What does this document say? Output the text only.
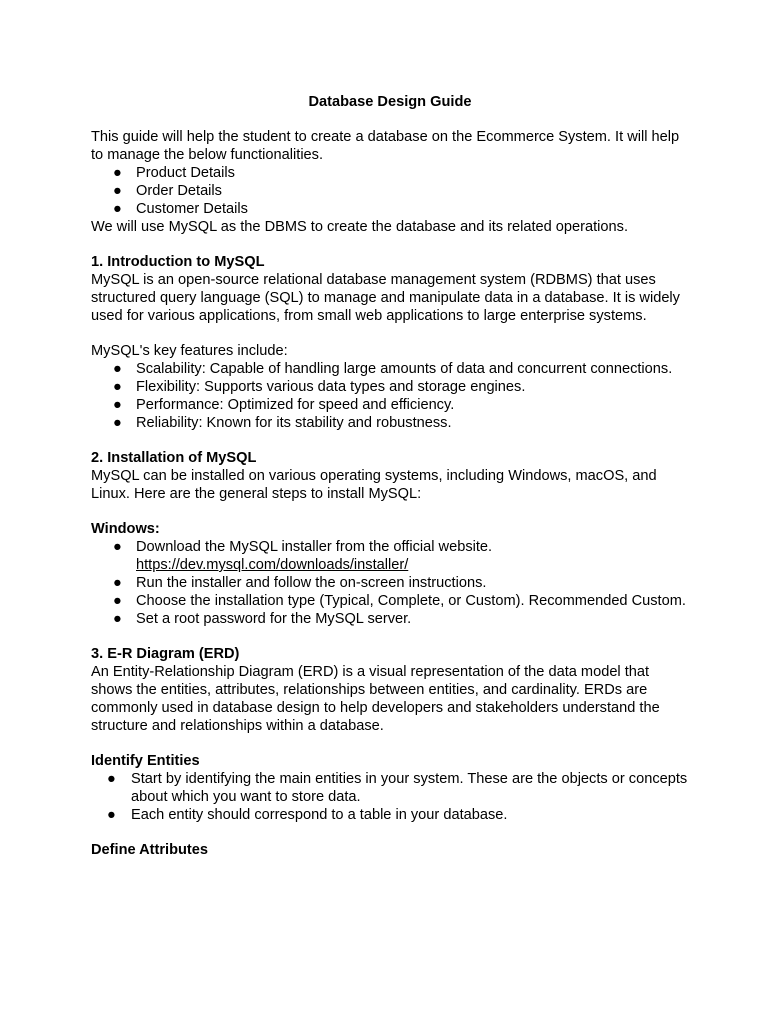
Database Design Guide

This guide will help the student to create a database on the Ecommerce System. It will help to manage the below functionalities.

● Product Details
● Order Details
● Customer Details

We will use MySQL as the DBMS to create the database and its related operations.

1. Introduction to MySQL

MySQL is an open-source relational database management system (RDBMS) that uses structured query language (SQL) to manage and manipulate data in a database. It is widely used for various applications, from small web applications to large enterprise systems.

MySQL's key features include:

● Scalability: Capable of handling large amounts of data and concurrent connections.
● Flexibility: Supports various data types and storage engines.
● Performance: Optimized for speed and efficiency.
● Reliability: Known for its stability and robustness.
2. Installation of MySQL

MySQL can be installed on various operating systems, including Windows, macOS, and Linux. Here are the general steps to install MySQL:

Windows:
● Download the MySQL installer from the official website.
https://dev.mysql.com/downloads/installer/
● Run the installer and follow the on-screen instructions.
● Choose the installation type (Typical, Complete, or Custom). Recommended Custom.
● Set a root password for the MySQL server.
3. E-R Diagram (ERD)

An Entity-Relationship Diagram (ERD) is a visual representation of the data model that shows the entities, attributes, relationships between entities, and cardinality. ERDs are commonly used in database design to help developers and stakeholders understand the structure and relationships within a database.

Identify Entities
● Start by identifying the main entities in your system. These are the objects or concepts about which you want to store data.
● Each entity should correspond to a table in your database.
Define Attributes
